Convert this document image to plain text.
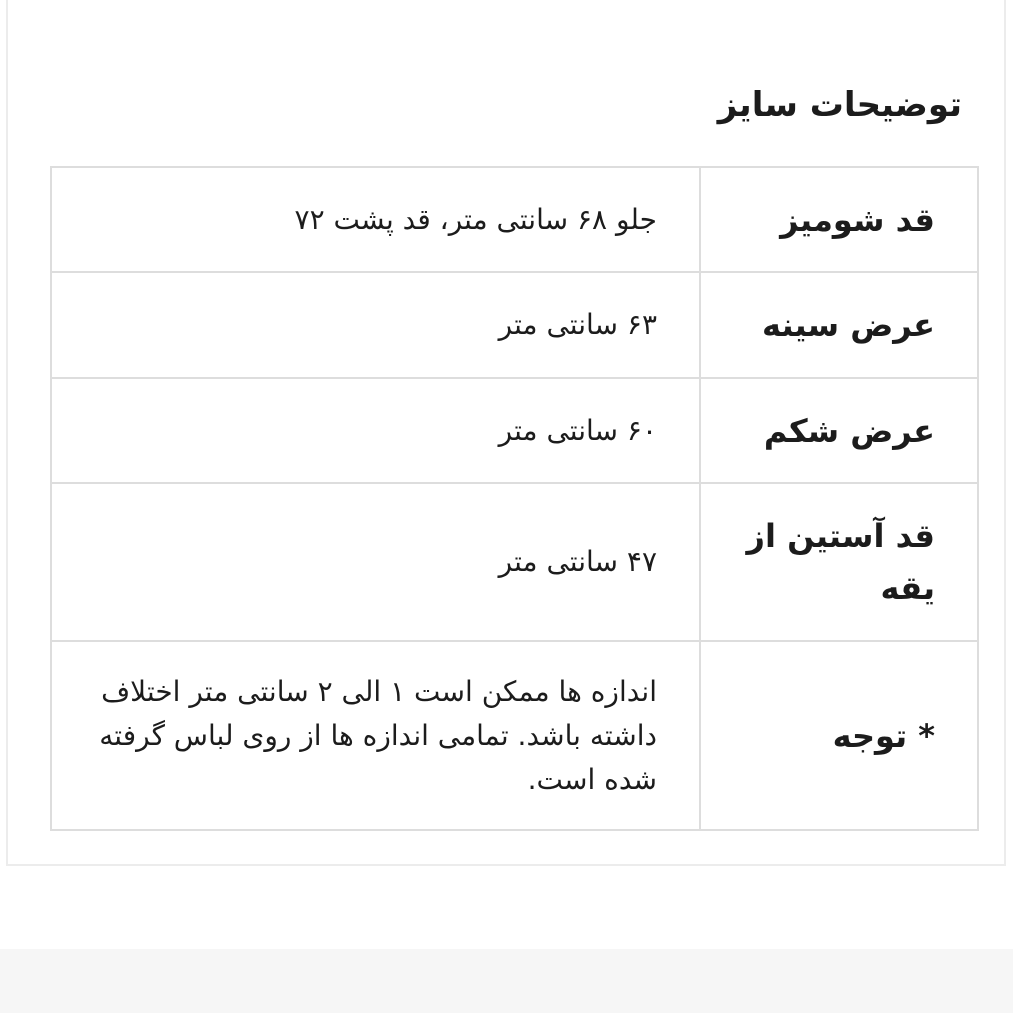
توضیحات سایز
قد شومیز	جلو ۶۸ سانتی متر، قد پشت ۷۲
عرض سینه	۶۳ سانتی متر
عرض شکم	۶۰ سانتی متر
قد آستین از یقه	۴۷ سانتی متر
* توجه	اندازه ها ممکن است ۱ الی ۲ سانتی متر اختلاف داشته باشد. تمامی اندازه ها از روی لباس گرفته شده است.
